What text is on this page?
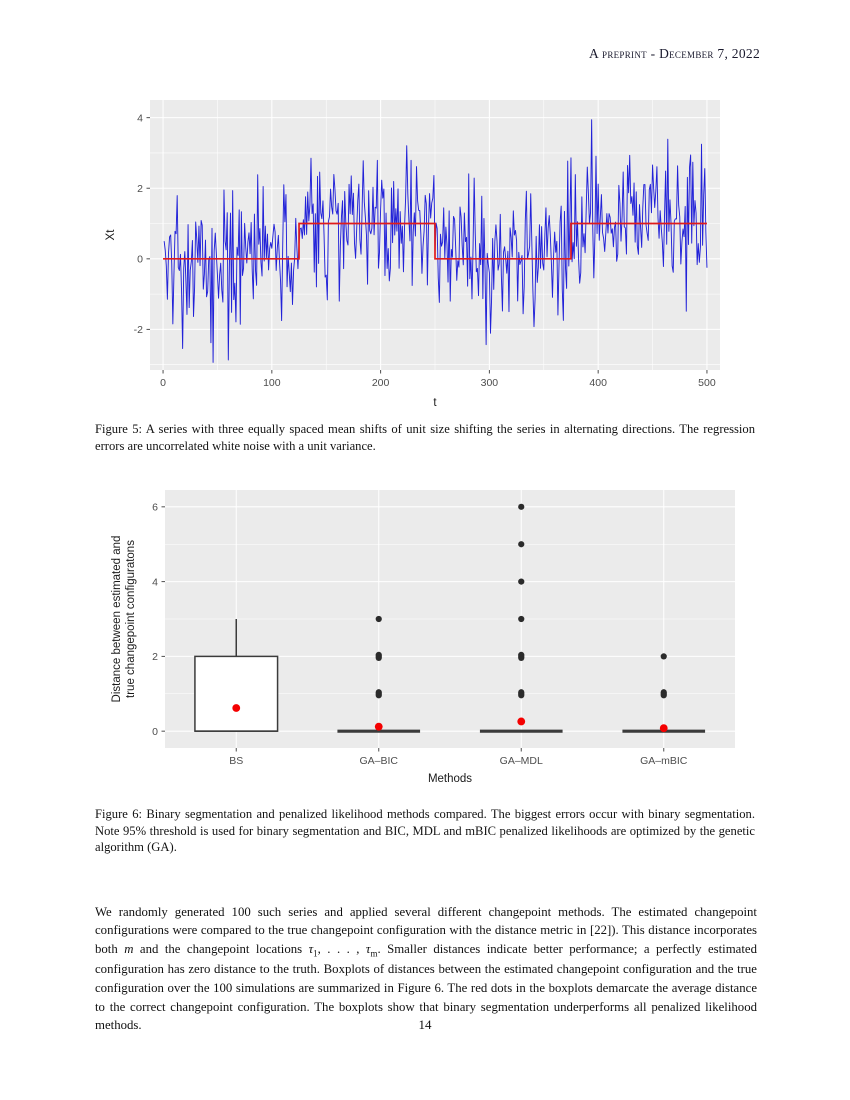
A preprint - December 7, 2022
0	100	200	300	400	500
-2
0
2
4
t
Xt
Figure 5: A series with three equally spaced mean shifts of unit size shifting the series in alternating directions. The regression errors are uncorrelated white noise with a unit variance.
0
2
4
6
BS	GA–BIC	GA–MDL	GA–mBIC
Methods
Distance between estimated and true changepoint configuratons
Figure 6: Binary segmentation and penalized likelihood methods compared. The biggest errors occur with binary segmentation. Note 95% threshold is used for binary segmentation and BIC, MDL and mBIC penalized likelihoods are optimized by the genetic algorithm (GA).

We randomly generated 100 such series and applied several different changepoint methods. The estimated changepoint configurations were compared to the true changepoint configuration with the distance metric in [22]). This distance incorporates both m and the changepoint locations $\tau_1$, . . . , $\tau_m$. Smaller distances indicate better performance; a perfectly estimated configuration has zero distance to the truth. Boxplots of distances between the estimated changepoint configuration and the true configuration over the 100 simulations are summarized in Figure 6. The red dots in the boxplots demarcate the average distance to the correct changepoint configuration. The boxplots show that binary segmentation underperforms all penalized likelihood methods.	14
